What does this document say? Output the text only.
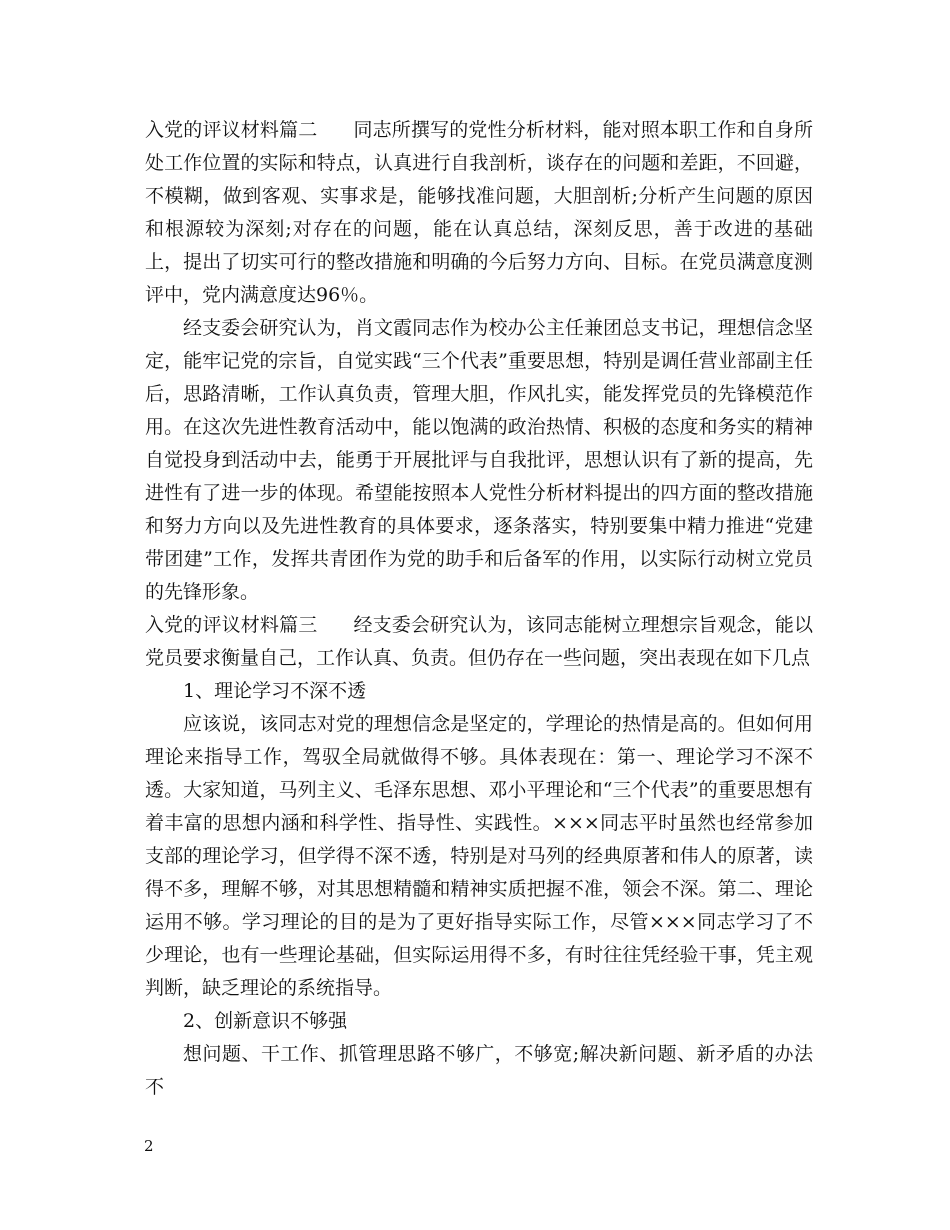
入党的评议材料篇二 同志所撰写的党性分析材料，能对照本职工作和自身所处工作位置的实际和特点，认真进行自我剖析，谈存在的问题和差距，不回避，不模糊，做到客观、实事求是，能够找准问题，大胆剖析;分析产生问题的原因和根源较为深刻;对存在的问题，能在认真总结，深刻反思，善于改进的基础上，提出了切实可行的整改措施和明确的今后努力方向、目标。在党员满意度测评中，党内满意度达96％。

经支委会研究认为，肖文霞同志作为校办公主任兼团总支书记，理想信念坚定，能牢记党的宗旨，自觉实践“三个代表”重要思想，特别是调任营业部副主任后，思路清晰，工作认真负责，管理大胆，作风扎实，能发挥党员的先锋模范作用。在这次先进性教育活动中，能以饱满的政治热情、积极的态度和务实的精神自觉投身到活动中去，能勇于开展批评与自我批评，思想认识有了新的提高，先进性有了进一步的体现。希望能按照本人党性分析材料提出的四方面的整改措施和努力方向以及先进性教育的具体要求，逐条落实，特别要集中精力推进“党建带团建”工作，发挥共青团作为党的助手和后备军的作用，以实际行动树立党员的先锋形象。

入党的评议材料篇三 经支委会研究认为，该同志能树立理想宗旨观念，能以党员要求衡量自己，工作认真、负责。但仍存在一些问题，突出表现在如下几点

1、理论学习不深不透

应该说，该同志对党的理想信念是坚定的，学理论的热情是高的。但如何用理论来指导工作，驾驭全局就做得不够。具体表现在：第一、理论学习不深不透。大家知道，马列主义、毛泽东思想、邓小平理论和“三个代表”的重要思想有着丰富的思想内涵和科学性、指导性、实践性。×××同志平时虽然也经常参加支部的理论学习，但学得不深不透，特别是对马列的经典原著和伟人的原著，读得不多，理解不够，对其思想精髓和精神实质把握不准，领会不深。第二、理论运用不够。学习理论的目的是为了更好指导实际工作，尽管×××同志学习了不少理论，也有一些理论基础，但实际运用得不多，有时往往凭经验干事，凭主观判断，缺乏理论的系统指导。

2、创新意识不够强

想问题、干工作、抓管理思路不够广，不够宽;解决新问题、新矛盾的办法不

2
